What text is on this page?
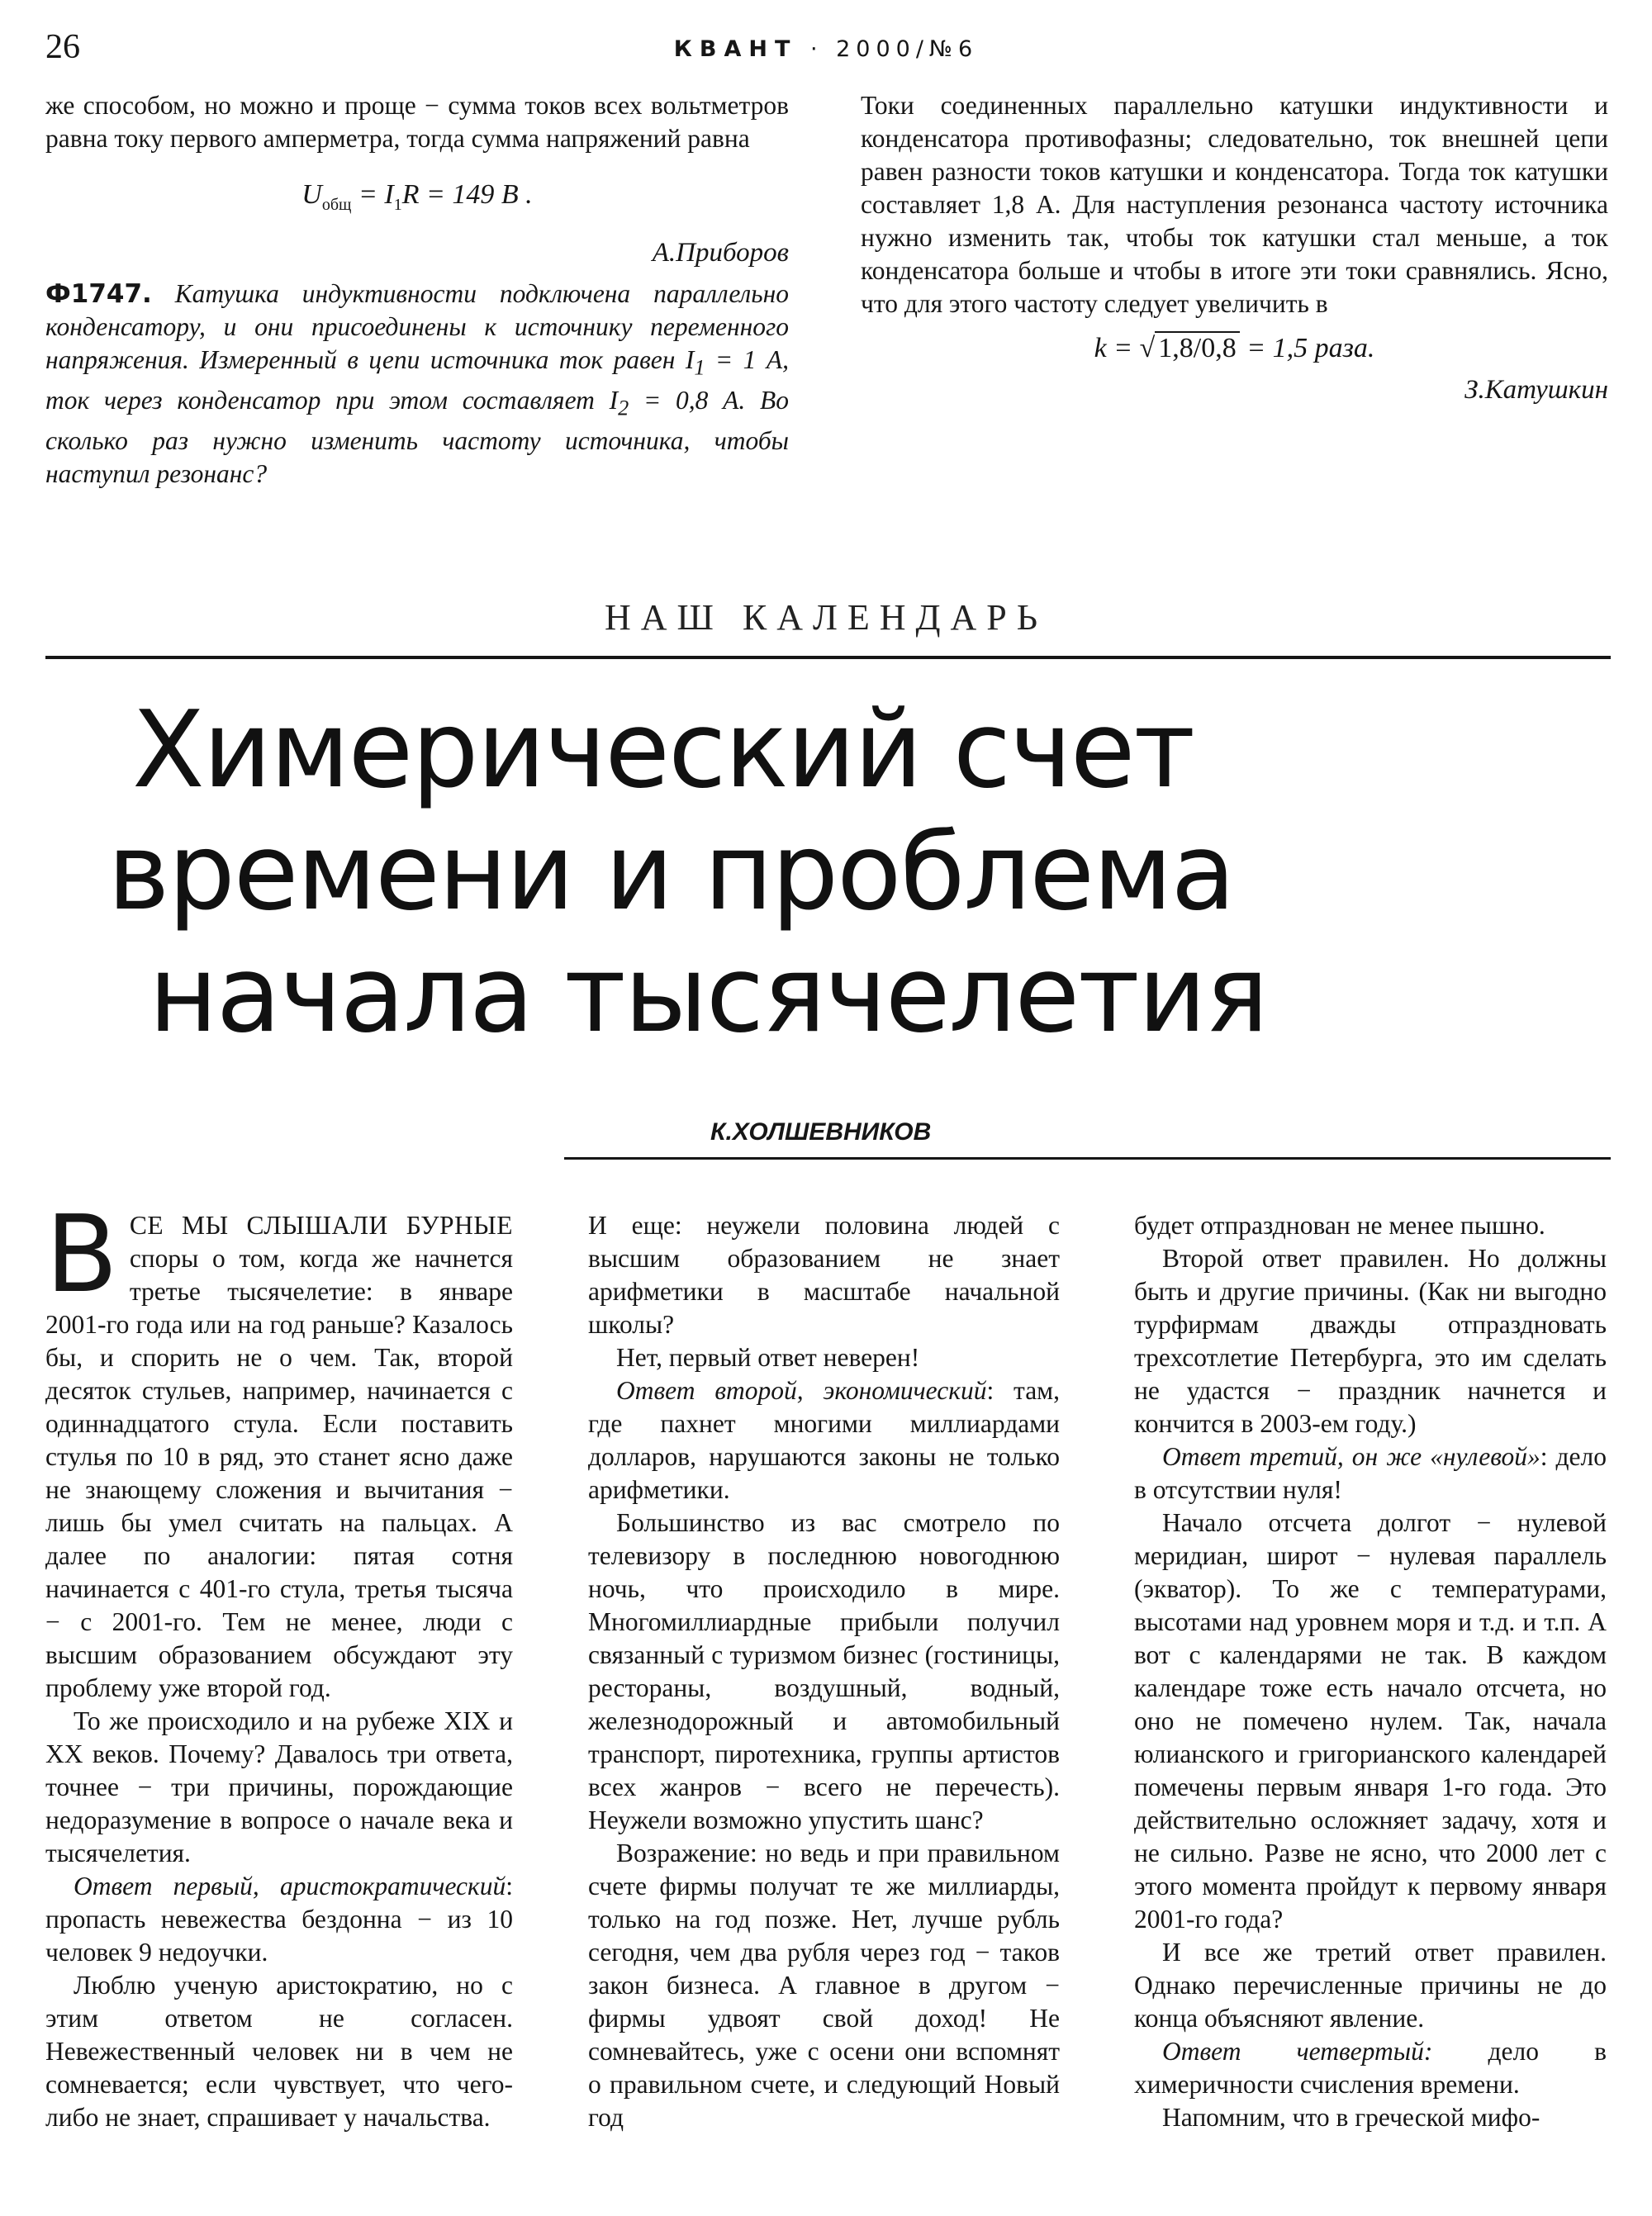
26	КВАНТ · 2000/№6

же способом, но можно и проще − сумма токов всех вольтметров равна току первого амперметра, тогда сумма напряжений равна

$U_{общ} = I_1R = 149$ В .

А.Приборов

Ф1747. Катушка индуктивности подключена параллельно конденсатору, и они присоединены к источнику переменного напряжения. Измеренный в цепи источника ток равен $I_1 = 1$ А, ток через конденсатор при этом составляет $I_2 = 0,8$ А. Во сколько раз нужно изменить частоту источника, чтобы наступил резонанс?

Токи соединенных параллельно катушки индуктивности и конденсатора противофазны; следовательно, ток внешней цепи равен разности токов катушки и конденсатора. Тогда ток катушки составляет 1,8 А. Для наступления резонанса частоту источника нужно изменить так, чтобы ток катушки стал меньше, а ток конденсатора больше и чтобы в итоге эти токи сравнялись. Ясно, что для этого частоту следует увеличить в

k = √ 1,8/0,8 = 1,5 раза.

З.Катушкин

НАШ КАЛЕНДАРЬ
Химерический счет
времени и проблема
начала тысячелетия
К.ХОЛШЕВНИКОВ
В СЕ МЫ СЛЫШАЛИ БУРНЫЕ споры о том, когда же начнется третье тысячелетие: в январе 2001-го года или на год раньше? Казалось бы, и спорить не о чем. Так, второй десяток стульев, например, начинается с одиннадцатого стула. Если поставить стулья по 10 в ряд, это станет ясно даже не знающему сложения и вычитания − лишь бы умел считать на пальцах. А далее по аналогии: пятая сотня начинается с 401-го стула, третья тысяча − с 2001-го. Тем не менее, люди с высшим образованием обсуждают эту проблему уже второй год.

То же происходило и на рубеже XIX и XX веков. Почему? Давалось три ответа, точнее − три причины, порождающие недоразумение в вопросе о начале века и тысячелетия.

Ответ первый, аристократический: пропасть невежества бездонна − из 10 человек 9 недоучки.

Люблю ученую аристократию, но с этим ответом не согласен. Невежественный человек ни в чем не сомневается; если чувствует, что чего-либо не знает, спрашивает у начальства.

И еще: неужели половина людей с высшим образованием не знает арифметики в масштабе начальной школы?

Нет, первый ответ неверен!

Ответ второй, экономический: там, где пахнет многими миллиардами долларов, нарушаются законы не только арифметики.

Большинство из вас смотрело по телевизору в последнюю новогоднюю ночь, что происходило в мире. Многомиллиардные прибыли получил связанный с туризмом бизнес (гостиницы, рестораны, воздушный, водный, железнодорожный и автомобильный транспорт, пиротехника, группы артистов всех жанров − всего не перечесть). Неужели возможно упустить шанс?

Возражение: но ведь и при правильном счете фирмы получат те же миллиарды, только на год позже. Нет, лучше рубль сегодня, чем два рубля через год − таков закон бизнеса. А главное в другом − фирмы удвоят свой доход! Не сомневайтесь, уже с осени они вспомнят о правильном счете, и следующий Новый год

будет отпразднован не менее пышно.

Второй ответ правилен. Но должны быть и другие причины. (Как ни выгодно турфирмам дважды отпраздновать трехсотлетие Петербурга, это им сделать не удастся − праздник начнется и кончится в 2003-ем году.)

Ответ третий, он же «нулевой»: дело в отсутствии нуля!

Начало отсчета долгот − нулевой меридиан, широт − нулевая параллель (экватор). То же с температурами, высотами над уровнем моря и т.д. и т.п. А вот с календарями не так. В каждом календаре тоже есть начало отсчета, но оно не помечено нулем. Так, начала юлианского и григорианского календарей помечены первым января 1-го года. Это действительно осложняет задачу, хотя и не сильно. Разве не ясно, что 2000 лет с этого момента пройдут к первому января 2001-го года?

И все же третий ответ правилен. Однако перечисленные причины не до конца объясняют явление.

Ответ четвертый: дело в химеричности счисления времени.

Напомним, что в греческой мифо-
